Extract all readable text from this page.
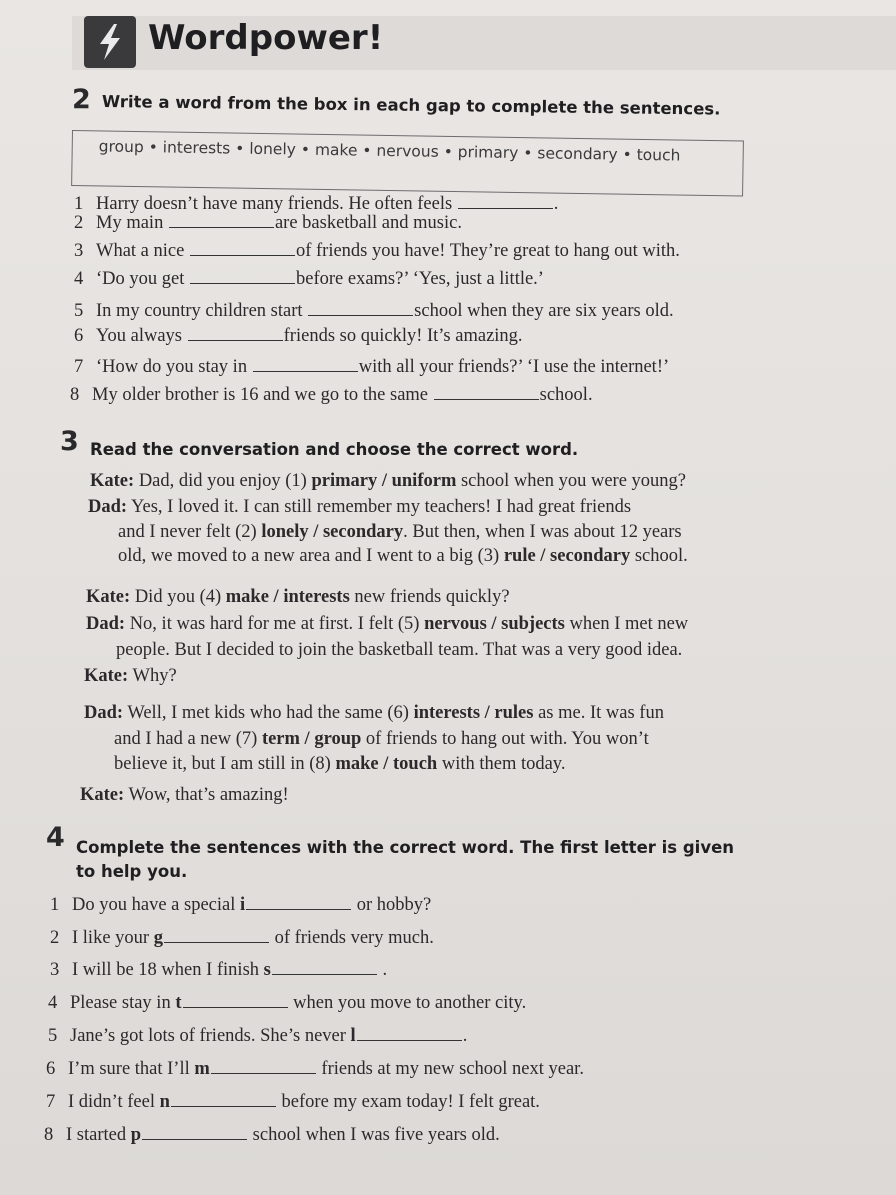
Wordpower!
2 Write a word from the box in each gap to complete the sentences.
group • interests • lonely • make • nervous • primary • secondary • touch
1 Harry doesn’t have many friends. He often feels	.
2 My main	are basketball and music.
3 What a nice	of friends you have! They’re great to hang out with.
4 ‘Do you get	before exams?’ ‘Yes, just a little.’
5 In my country children start	school when they are six years old.
6 You always	friends so quickly! It’s amazing.
7 ‘How do you stay in	with all your friends?’ ‘I use the internet!’
8 My older brother is 16 and we go to the same	school.
3 Read the conversation and choose the correct word.
Kate: Dad, did you enjoy (1) primary / uniform school when you were young?
Dad: Yes, I loved it. I can still remember my teachers! I had great friends
and I never felt (2) lonely / secondary. But then, when I was about 12 years
old, we moved to a new area and I went to a big (3) rule / secondary school.
Kate: Did you (4) make / interests new friends quickly?
Dad: No, it was hard for me at first. I felt (5) nervous / subjects when I met new
people. But I decided to join the basketball team. That was a very good idea.
Kate: Why?
Dad: Well, I met kids who had the same (6) interests / rules as me. It was fun
and I had a new (7) term / group of friends to hang out with. You won’t
believe it, but I am still in (8) make / touch with them today.
Kate: Wow, that’s amazing!
4 Complete the sentences with the correct word. The first letter is given
to help you.
1 Do you have a special i	or hobby?
2 I like your g	of friends very much.
3 I will be 18 when I finish s	.
4 Please stay in t	when you move to another city.
5 Jane’s got lots of friends. She’s never l	.
6 I’m sure that I’ll m	friends at my new school next year.
7 I didn’t feel n	before my exam today! I felt great.
8 I started p	school when I was five years old.
